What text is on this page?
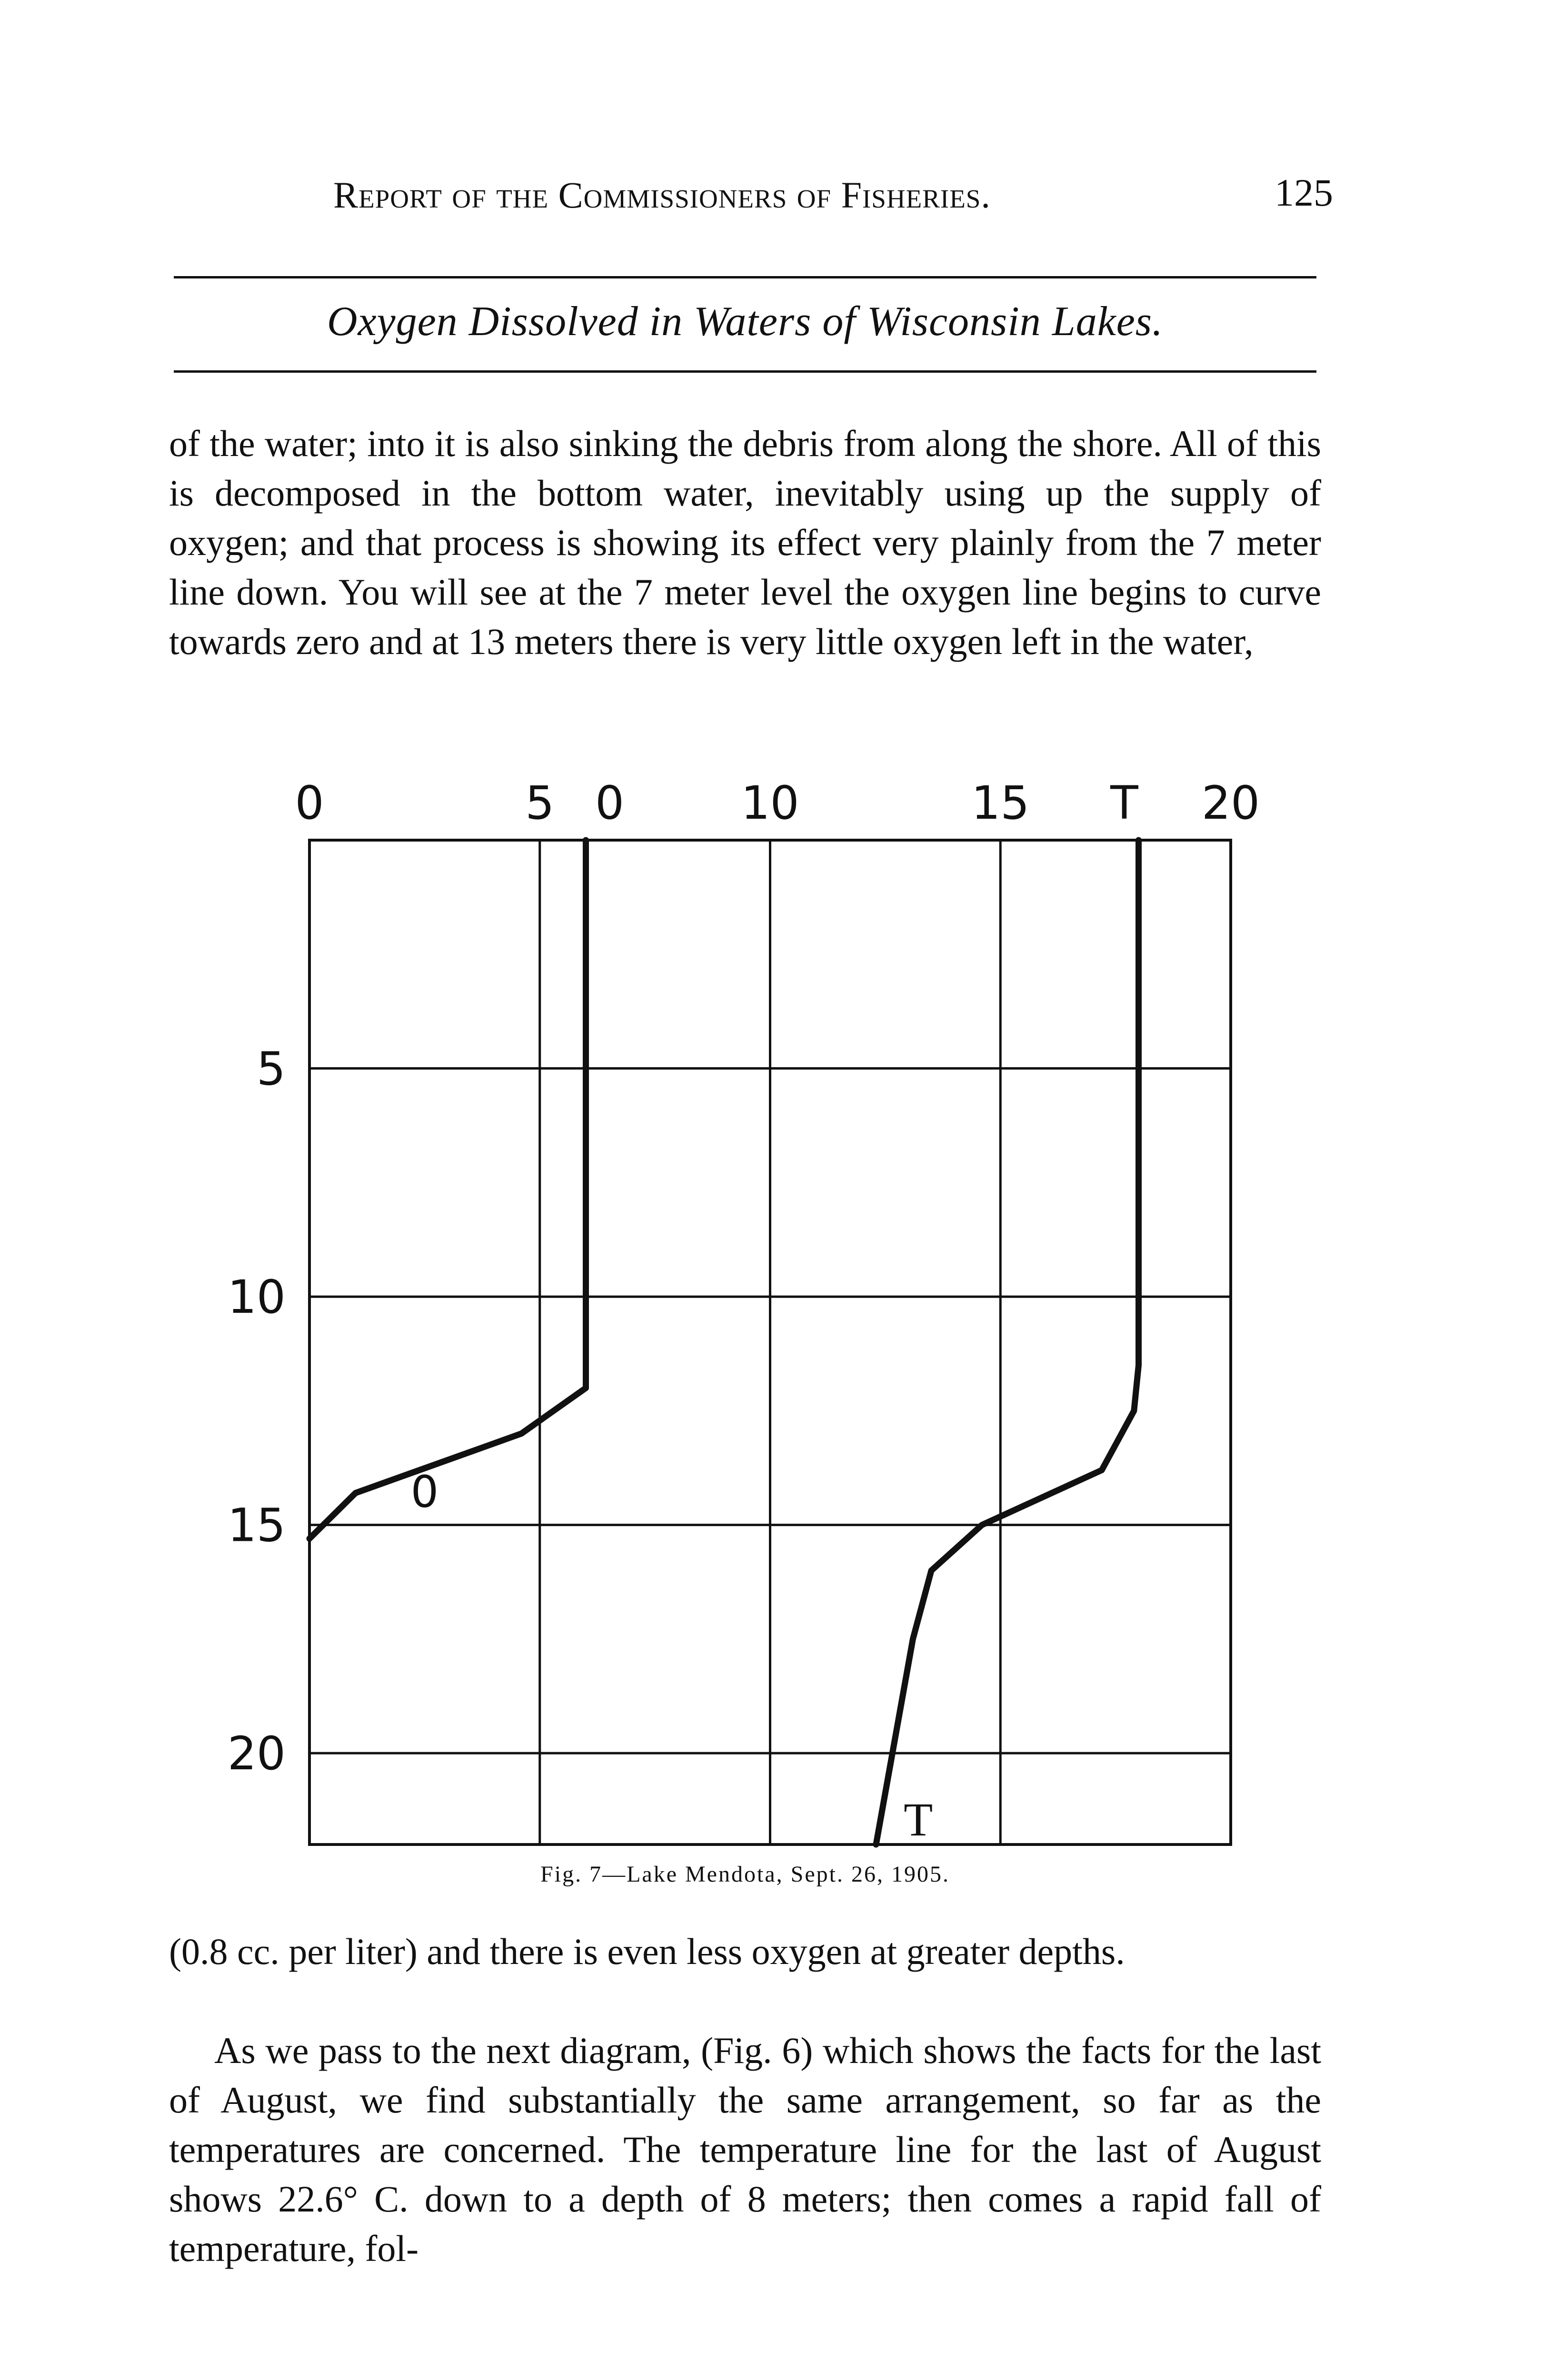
Report of the Commissioners of Fisheries.	125
Oxygen Dissolved in Waters of Wisconsin Lakes.
of the water; into it is also sinking the debris from along the shore. All of this is decomposed in the bottom water, inevitably using up the supply of oxygen; and that process is showing its effect very plainly from the 7 meter line down. You will see at the 7 meter level the oxygen line begins to curve towards zero and at 13 meters there is very little oxygen left in the water,
0	5	10	15	20
5
10
15
20
0	T
0
T
Fig. 7—Lake Mendota, Sept. 26, 1905.
(0.8 cc. per liter) and there is even less oxygen at greater depths.
As we pass to the next diagram, (Fig. 6) which shows the facts for the last of August, we find substantially the same arrangement, so far as the temperatures are concerned. The temperature line for the last of August shows 22.6° C. down to a depth of 8 meters; then comes a rapid fall of temperature, fol-
